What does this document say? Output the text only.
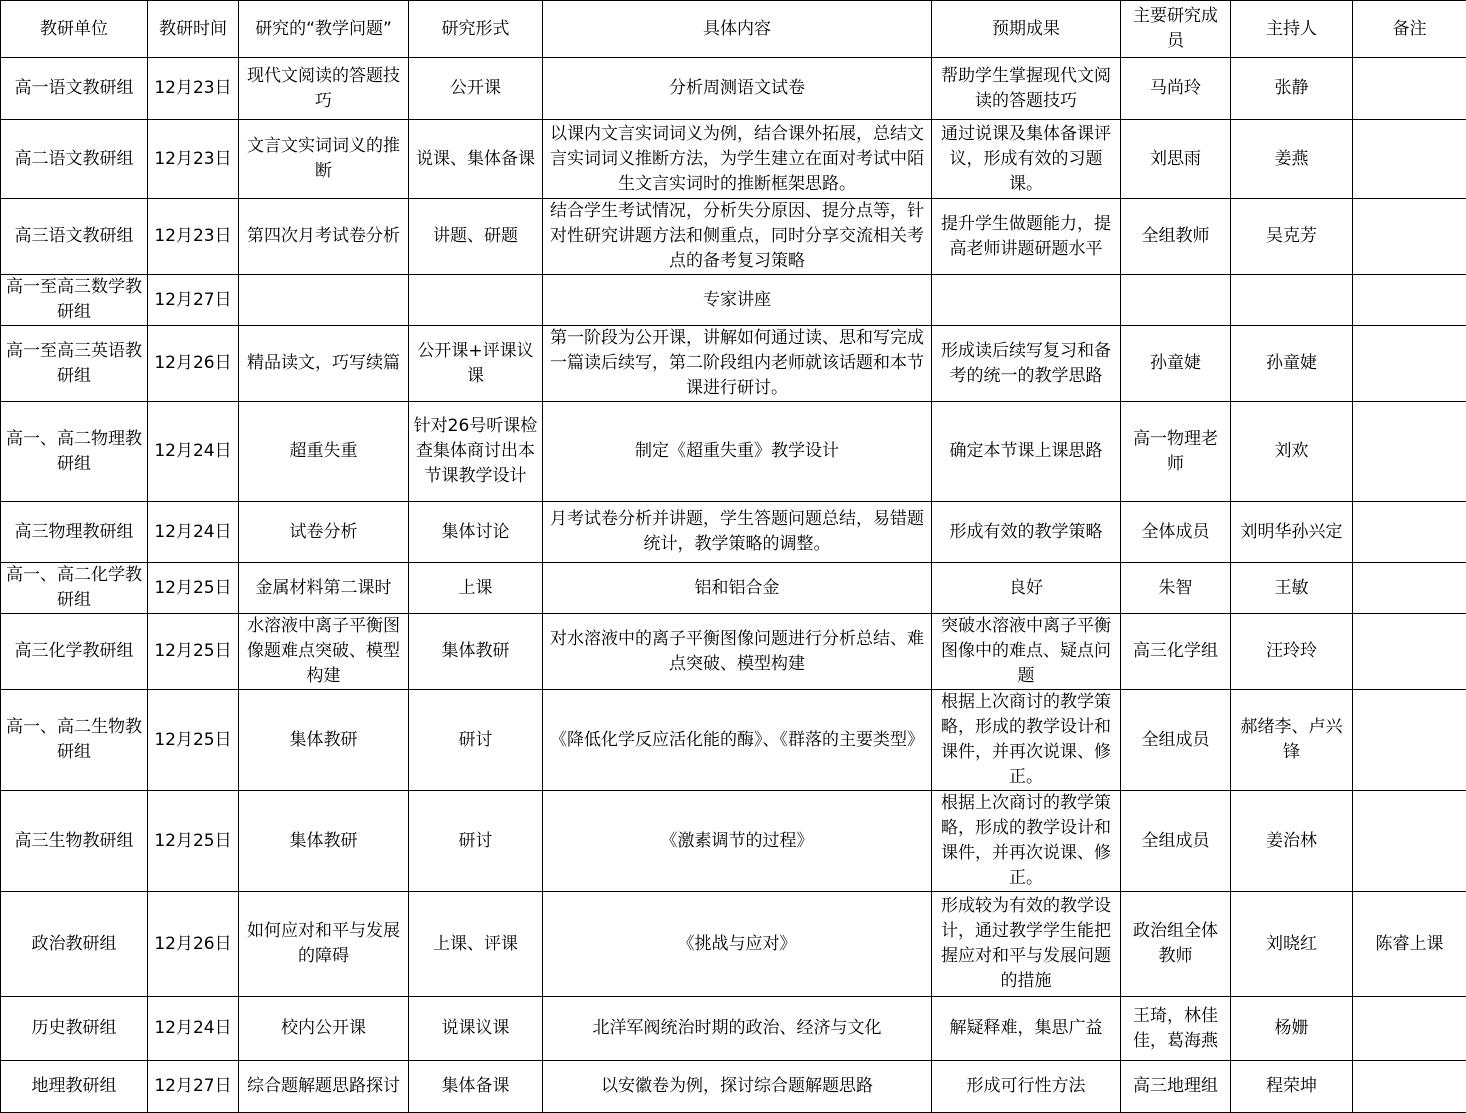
教研单位	教研时间	研究的“教学问题”	研究形式	具体内容	预期成果	主要研究成员	主持人	备注
高一语文教研组	12月23日	现代文阅读的答题技巧	公开课	分析周测语文试卷	帮助学生掌握现代文阅读的答题技巧	马尚玲	张静	
高二语文教研组	12月23日	文言文实词词义的推断	说课、集体备课	以课内文言实词词义为例，结合课外拓展，总结文言实词词义推断方法，为学生建立在面对考试中陌生文言实词时的推断框架思路。	通过说课及集体备课评议，形成有效的习题课。	刘思雨	姜燕	
高三语文教研组	12月23日	第四次月考试卷分析	讲题、研题	结合学生考试情况，分析失分原因、提分点等，针对性研究讲题方法和侧重点，同时分享交流相关考点的备考复习策略	提升学生做题能力，提高老师讲题研题水平	全组教师	吴克芳	
高一至高三数学教研组	12月27日			专家讲座				
高一至高三英语教研组	12月26日	精品读文，巧写续篇	公开课+评课议课	第一阶段为公开课，讲解如何通过读、思和写完成一篇读后续写，第二阶段组内老师就该话题和本节课进行研讨。	形成读后续写复习和备考的统一的教学思路	孙童婕	孙童婕	
高一、高二物理教研组	12月24日	超重失重	针对26号听课检查集体商讨出本节课教学设计	制定《超重失重》教学设计	确定本节课上课思路	高一物理老师	刘欢	
高三物理教研组	12月24日	试卷分析	集体讨论	月考试卷分析并讲题，学生答题问题总结，易错题统计，教学策略的调整。	形成有效的教学策略	全体成员	刘明华孙兴定	
高一、高二化学教研组	12月25日	金属材料第二课时	上课	铝和铝合金	良好	朱智	王敏	
高三化学教研组	12月25日	水溶液中离子平衡图像题难点突破、模型构建	集体教研	对水溶液中的离子平衡图像问题进行分析总结、难点突破、模型构建	突破水溶液中离子平衡图像中的难点、疑点问题	高三化学组	汪玲玲	
高一、高二生物教研组	12月25日	集体教研	研讨	《降低化学反应活化能的酶》、《群落的主要类型》	根据上次商讨的教学策略，形成的教学设计和课件，并再次说课、修正。	全组成员	郝绪李、卢兴锋	
高三生物教研组	12月25日	集体教研	研讨	《激素调节的过程》	根据上次商讨的教学策略，形成的教学设计和课件，并再次说课、修正。	全组成员	姜治林	
政治教研组	12月26日	如何应对和平与发展的障碍	上课、评课	《挑战与应对》	形成较为有效的教学设计，通过教学学生能把握应对和平与发展问题的措施	政治组全体教师	刘晓红	陈睿上课
历史教研组	12月24日	校内公开课	说课议课	北洋军阀统治时期的政治、经济与文化	解疑释难，集思广益	王琦，林佳佳，葛海燕	杨姗	
地理教研组	12月27日	综合题解题思路探讨	集体备课	以安徽卷为例，探讨综合题解题思路	形成可行性方法	高三地理组	程荣坤	
